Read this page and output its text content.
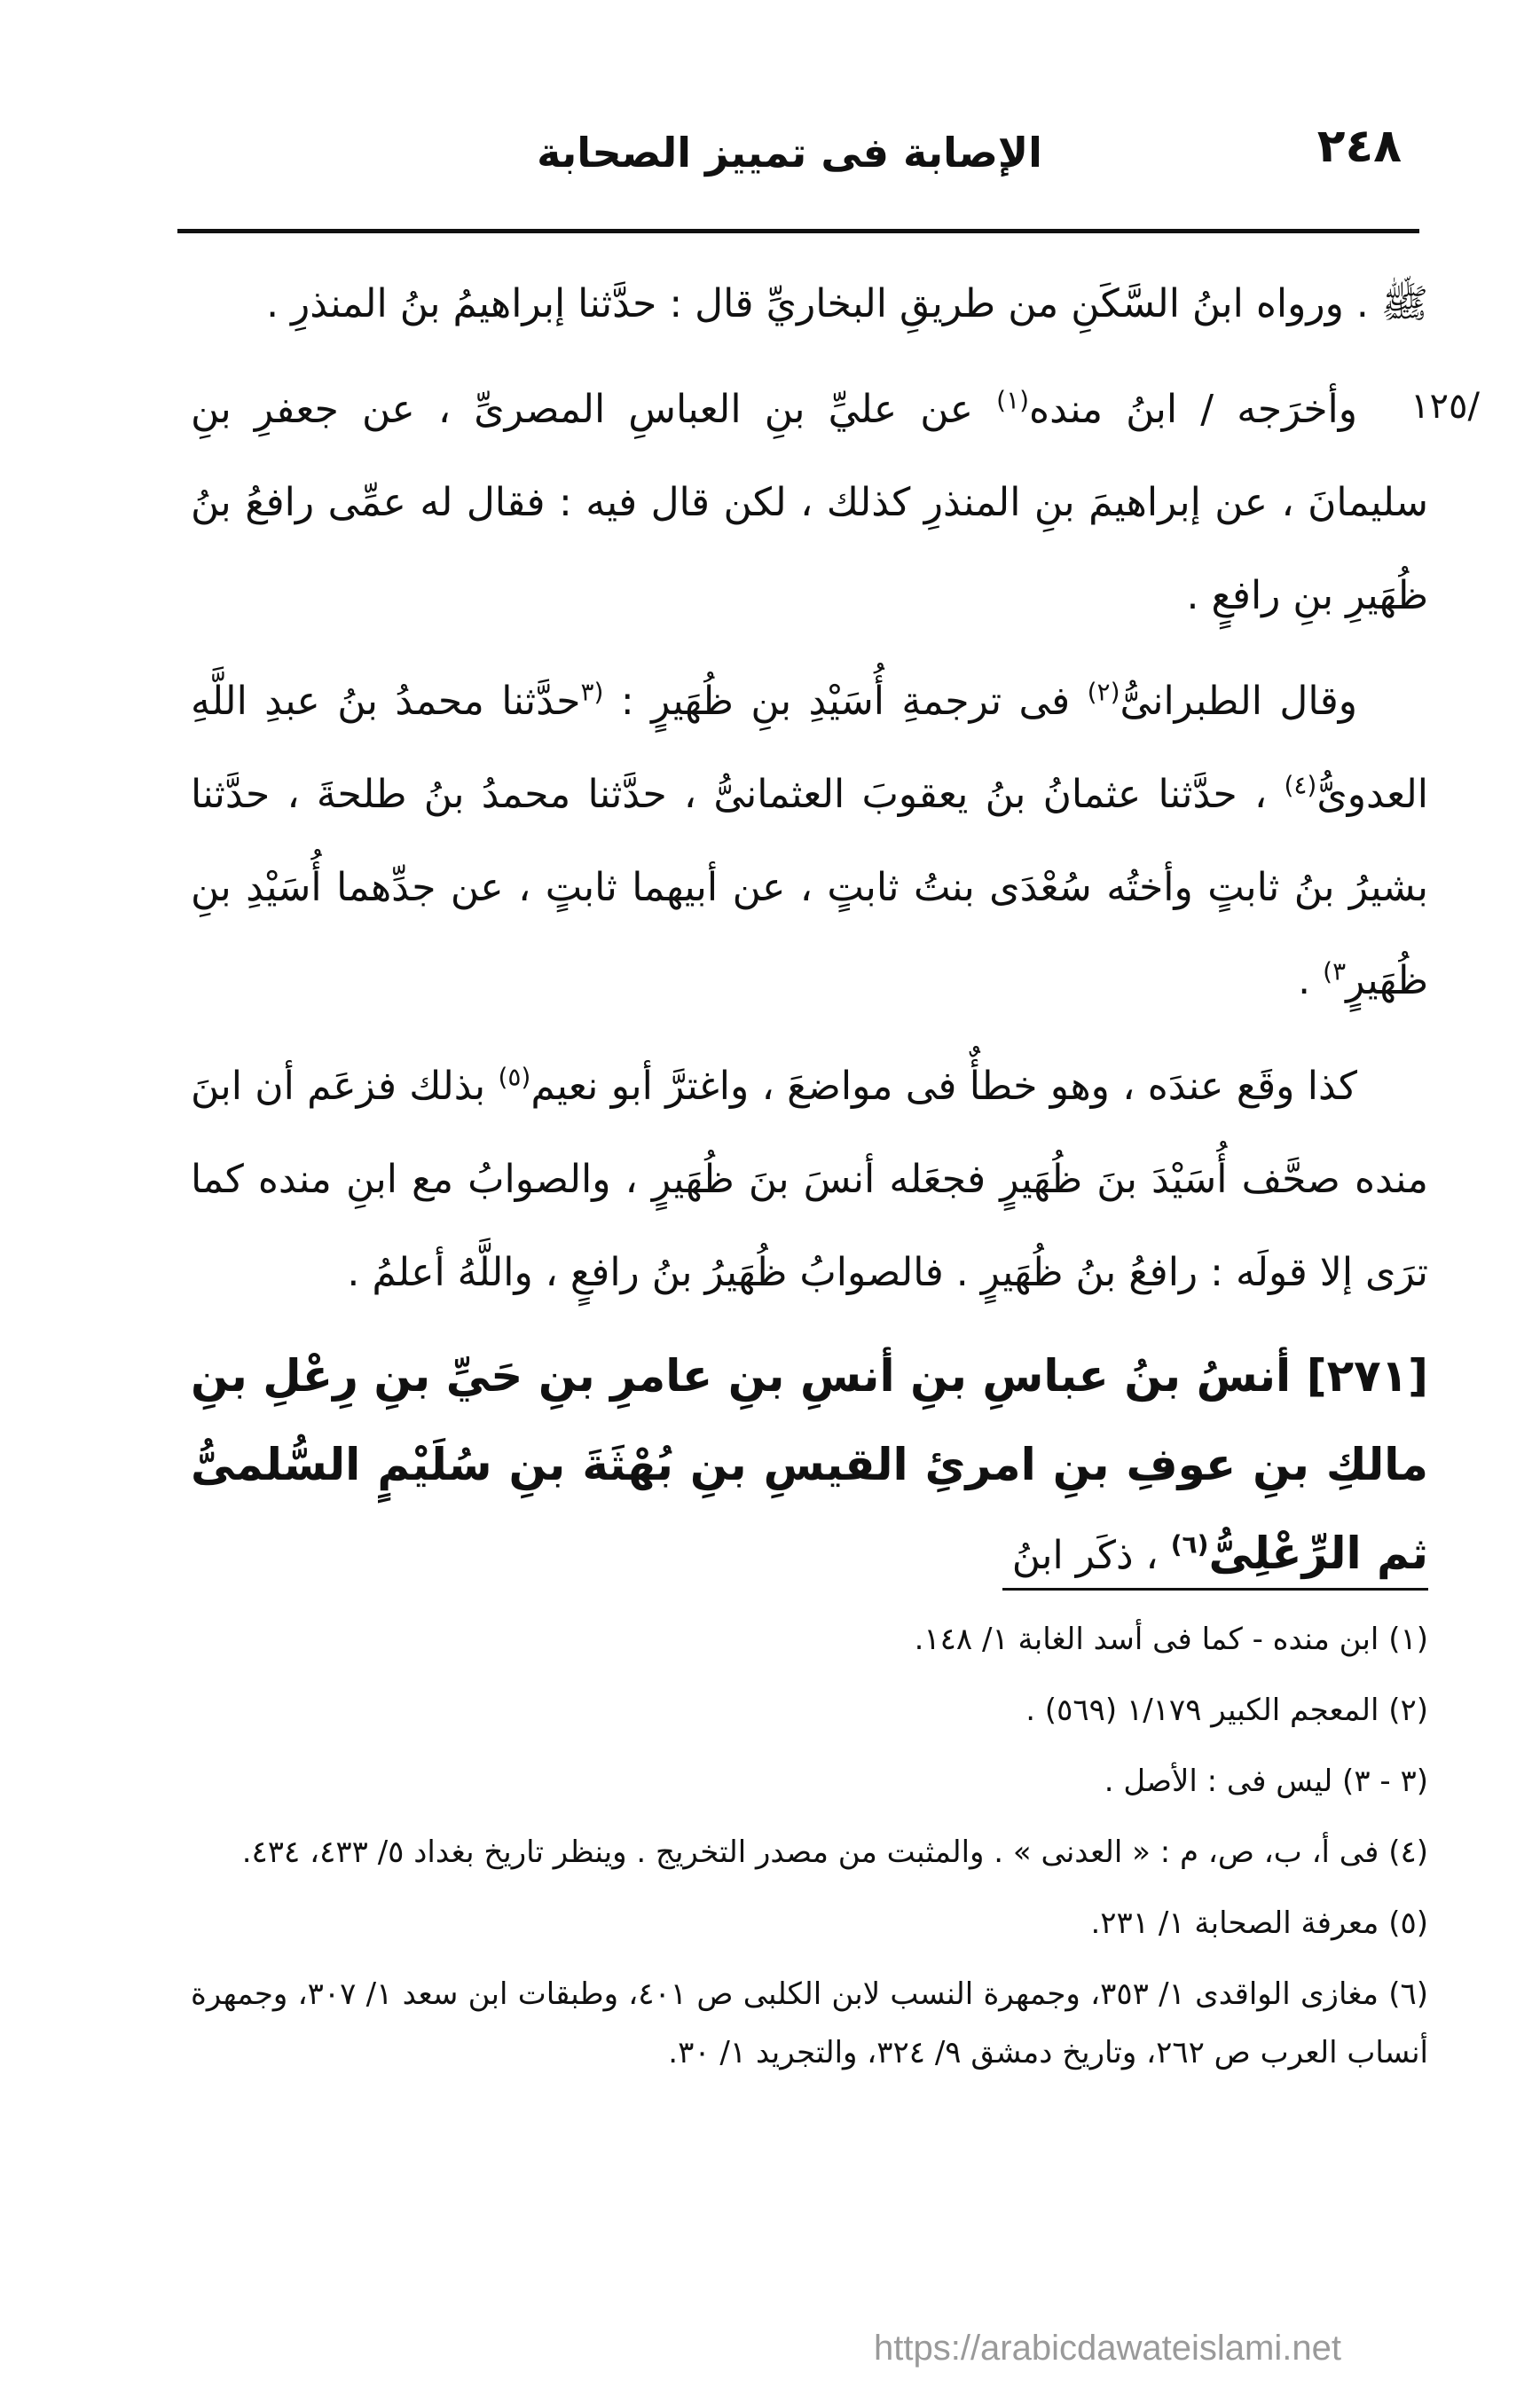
٢٤٨
الإصابة فى تمييز الصحابة
/١٢٥

ﷺ . ورواه ابنُ السَّكَنِ من طريقِ البخاريِّ قال : حدَّثنا إبراهيمُ بنُ المنذرِ .

وأخرَجه / ابنُ منده$^{(١)}$ عن عليِّ بنِ العباسِ المصرىِّ ، عن جعفرِ بنِ سليمانَ ، عن إبراهيمَ بنِ المنذرِ كذلك ، لكن قال فيه : فقال له عمِّى رافعُ بنُ ظُهَيرِ بنِ رافعٍ .

وقال الطبرانىُّ$^{(٢)}$ فى ترجمةِ أُسَيْدِ بنِ ظُهَيرٍ : $^{(٣}$حدَّثنا محمدُ بنُ عبدِ اللَّهِ العدوىُّ$^{(٤)}$ ، حدَّثنا عثمانُ بنُ يعقوبَ العثمانىُّ ، حدَّثنا محمدُ بنُ طلحةَ ، حدَّثنا بشيرُ بنُ ثابتٍ وأختُه سُعْدَى بنتُ ثابتٍ ، عن أبيهما ثابتٍ ، عن جدِّهما أُسَيْدِ بنِ ظُهَيرٍ$^{٣)}$ .

كذا وقَع عندَه ، وهو خطأٌ فى مواضعَ ، واغترَّ أبو نعيم$^{(٥)}$ بذلك فزعَم أن ابنَ منده صحَّف أُسَيْدَ بنَ ظُهَيرٍ فجعَله أنسَ بنَ ظُهَيرٍ ، والصوابُ مع ابنِ منده كما ترَى إلا قولَه : رافعُ بنُ ظُهَيرٍ . فالصوابُ ظُهَيرُ بنُ رافعٍ ، واللَّهُ أعلمُ .

[٢٧١] أنسُ بنُ عباسِ بنِ أنسِ بنِ عامرِ بنِ حَيِّ بنِ رِعْلِ بنِ مالكِ بنِ عوفِ بنِ امرئِ القيسِ بنِ بُهْثَةَ بنِ سُلَيْمٍ السُّلمىُّ ثم الرِّعْلِىُّ$^{(٦)}$ ، ذكَر ابنُ

(١) ابن منده - كما فى أسد الغابة ١/ ١٤٨.

(٢) المعجم الكبير ١/١٧٩ (٥٦٩) .

(٣ - ٣) ليس فى : الأصل .

(٤) فى أ، ب، ص، م : « العدنى » . والمثبت من مصدر التخريج . وينظر تاريخ بغداد ٥/ ٤٣٣، ٤٣٤.

(٥) معرفة الصحابة ١/ ٢٣١.

(٦) مغازى الواقدى ١/ ٣٥٣، وجمهرة النسب لابن الكلبى ص ٤٠١، وطبقات ابن سعد ١/ ٣٠٧، وجمهرة أنساب العرب ص ٢٦٢، وتاريخ دمشق ٩/ ٣٢٤، والتجريد ١/ ٣٠.

https://arabicdawateislami.net
